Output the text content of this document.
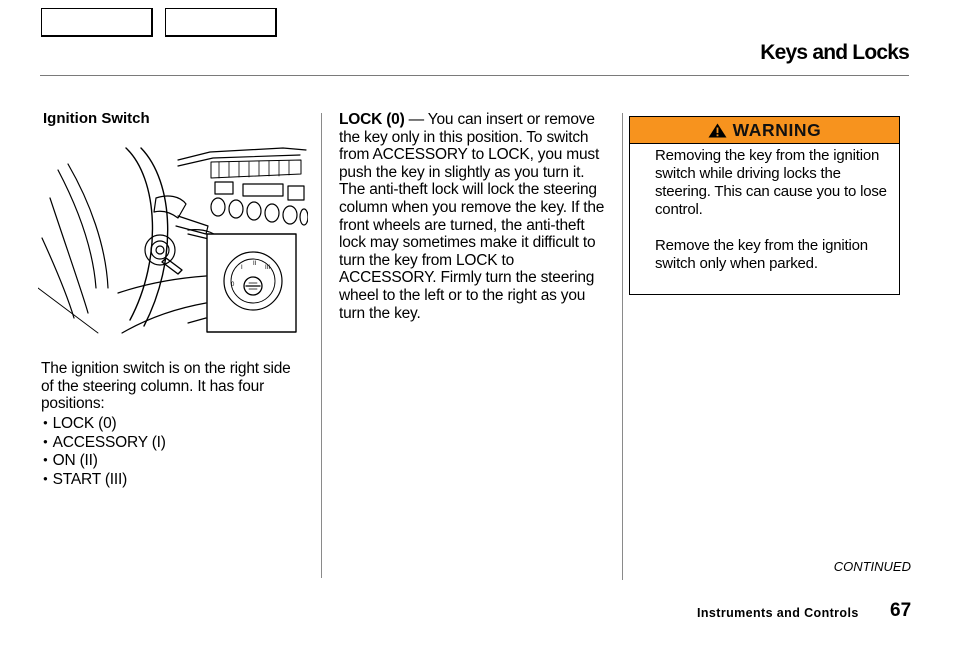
Keys and Locks
Ignition Switch
0
I
II
III

The ignition switch is on the right side of the steering column. It has four positions:

● LOCK (0)
● ACCESSORY (I)
● ON (II)
● START (III)

LOCK (0) — You can insert or remove the key only in this position. To switch from ACCESSORY to LOCK, you must push the key in slightly as you turn it. The anti-theft lock will lock the steering column when you remove the key. If the front wheels are turned, the anti-theft lock may sometimes make it difficult to turn the key from LOCK to ACCESSORY. Firmly turn the steering wheel to the left or to the right as you turn the key.

WARNING

Removing the key from the ignition switch while driving locks the steering. This can cause you to lose control.

Remove the key from the ignition switch only when parked.

CONTINUED
Instruments and Controls 67
